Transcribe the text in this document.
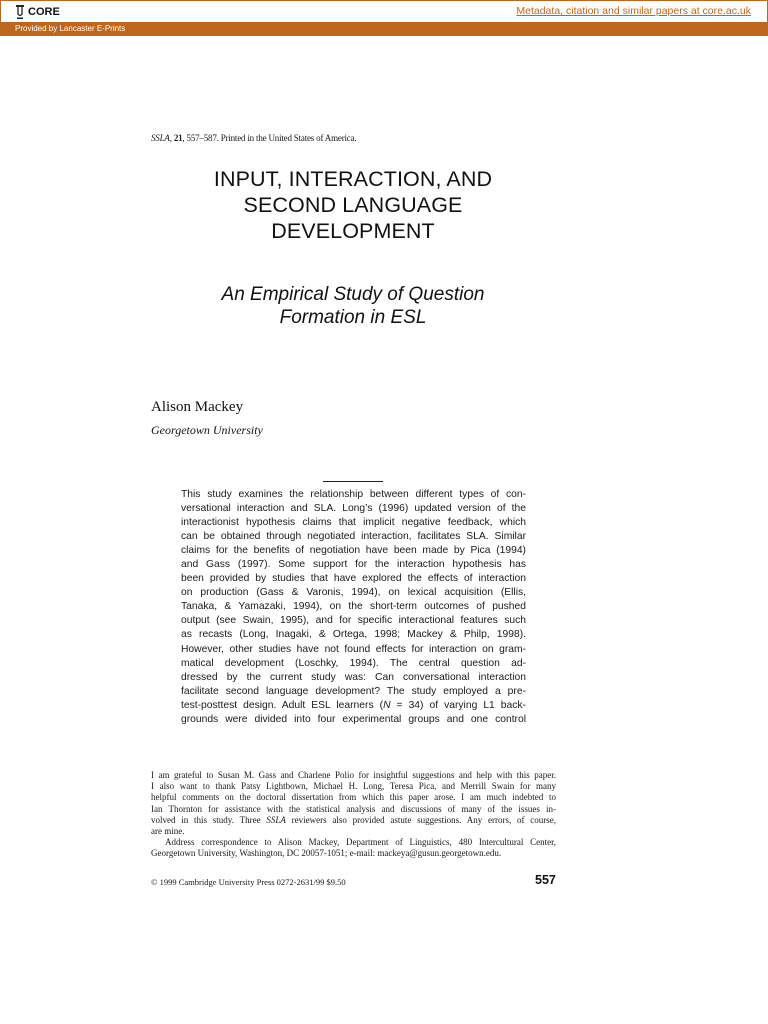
CORE	Metadata, citation and similar papers at core.ac.uk
Provided by Lancaster E-Prints
SSLA, 21, 557–587. Printed in the United States of America.
INPUT, INTERACTION, AND
SECOND LANGUAGE
DEVELOPMENT
An Empirical Study of Question
Formation in ESL
Alison Mackey
Georgetown University
This study examines the relationship between different types of con-
versational interaction and SLA. Long’s (1996) updated version of the
interactionist hypothesis claims that implicit negative feedback, which
can be obtained through negotiated interaction, facilitates SLA. Similar
claims for the benefits of negotiation have been made by Pica (1994)
and Gass (1997). Some support for the interaction hypothesis has
been provided by studies that have explored the effects of interaction
on production (Gass & Varonis, 1994), on lexical acquisition (Ellis,
Tanaka, & Yamazaki, 1994), on the short-term outcomes of pushed
output (see Swain, 1995), and for specific interactional features such
as recasts (Long, Inagaki, & Ortega, 1998; Mackey & Philp, 1998).
However, other studies have not found effects for interaction on gram-
matical development (Loschky, 1994). The central question ad-
dressed by the current study was: Can conversational interaction
facilitate second language development? The study employed a pre-
test-posttest design. Adult ESL learners (N = 34) of varying L1 back-
grounds were divided into four experimental groups and one control
I am grateful to Susan M. Gass and Charlene Polio for insightful suggestions and help with this paper.
I also want to thank Patsy Lightbown, Michael H. Long, Teresa Pica, and Merrill Swain for many
helpful comments on the doctoral dissertation from which this paper arose. I am much indebted to
Ian Thornton for assistance with the statistical analysis and discussions of many of the issues in-
volved in this study. Three SSLA reviewers also provided astute suggestions. Any errors, of course,
are mine.
Address correspondence to Alison Mackey, Department of Linguistics, 480 Intercultural Center,
Georgetown University, Washington, DC 20057-1051; e-mail: mackeya@gusun.georgetown.edu.
© 1999 Cambridge University Press 0272-2631/99 $9.50	557
